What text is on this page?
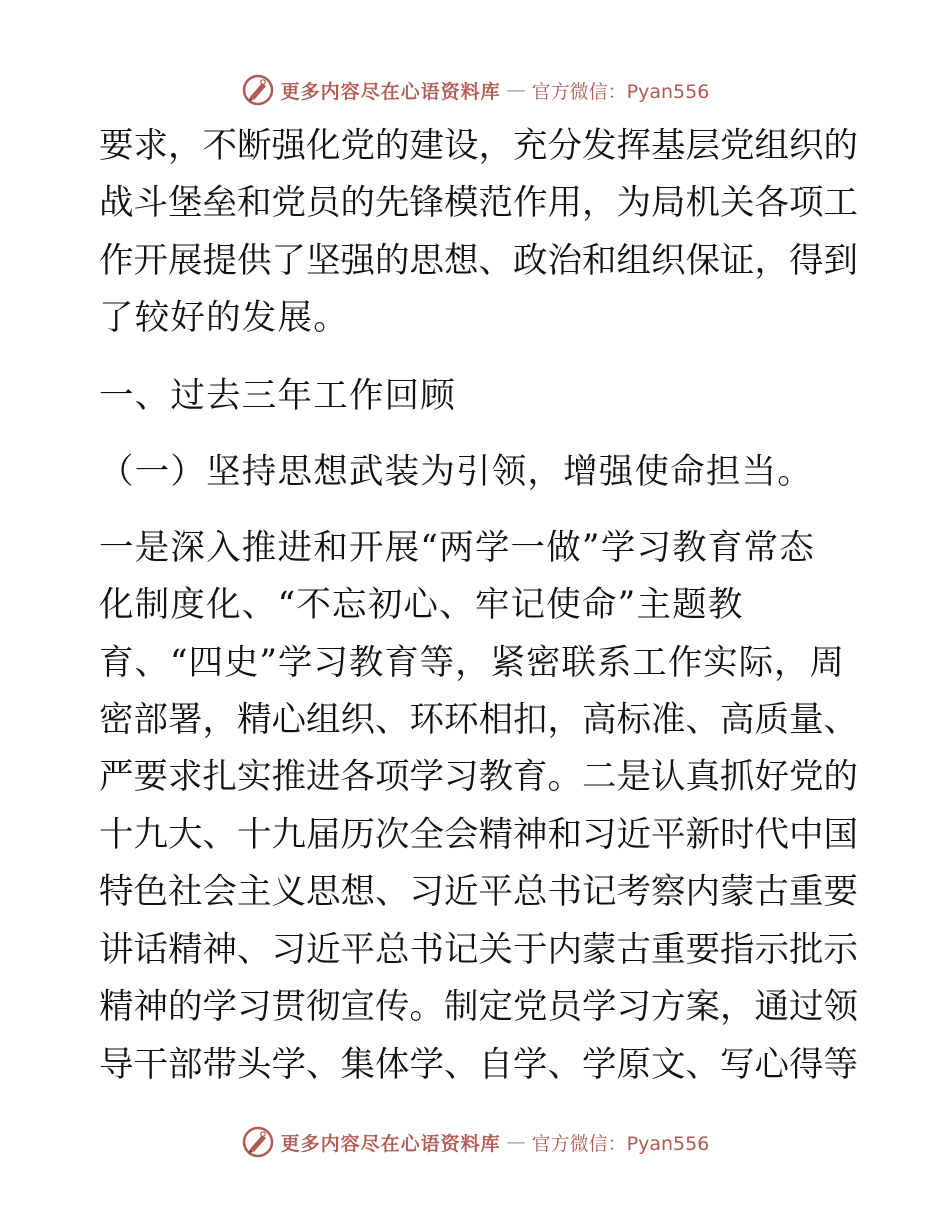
更多内容尽在心语资料库 — 官方微信：Pyan556
要求，不断强化党的建设，充分发挥基层党组织的
战斗堡垒和党员的先锋模范作用，为局机关各项工
作开展提供了坚强的思想、政治和组织保证，得到
了较好的发展。
一、过去三年工作回顾
（一）坚持思想武装为引领，增强使命担当。
一是深入推进和开展“两学一做”学习教育常态
化制度化、“不忘初心、牢记使命”主题教
育、“四史”学习教育等，紧密联系工作实际，周
密部署，精心组织、环环相扣，高标准、高质量、
严要求扎实推进各项学习教育。二是认真抓好党的
十九大、十九届历次全会精神和习近平新时代中国
特色社会主义思想、习近平总书记考察内蒙古重要
讲话精神、习近平总书记关于内蒙古重要指示批示
精神的学习贯彻宣传。制定党员学习方案，通过领
导干部带头学、集体学、自学、学原文、写心得等
更多内容尽在心语资料库 — 官方微信：Pyan556
